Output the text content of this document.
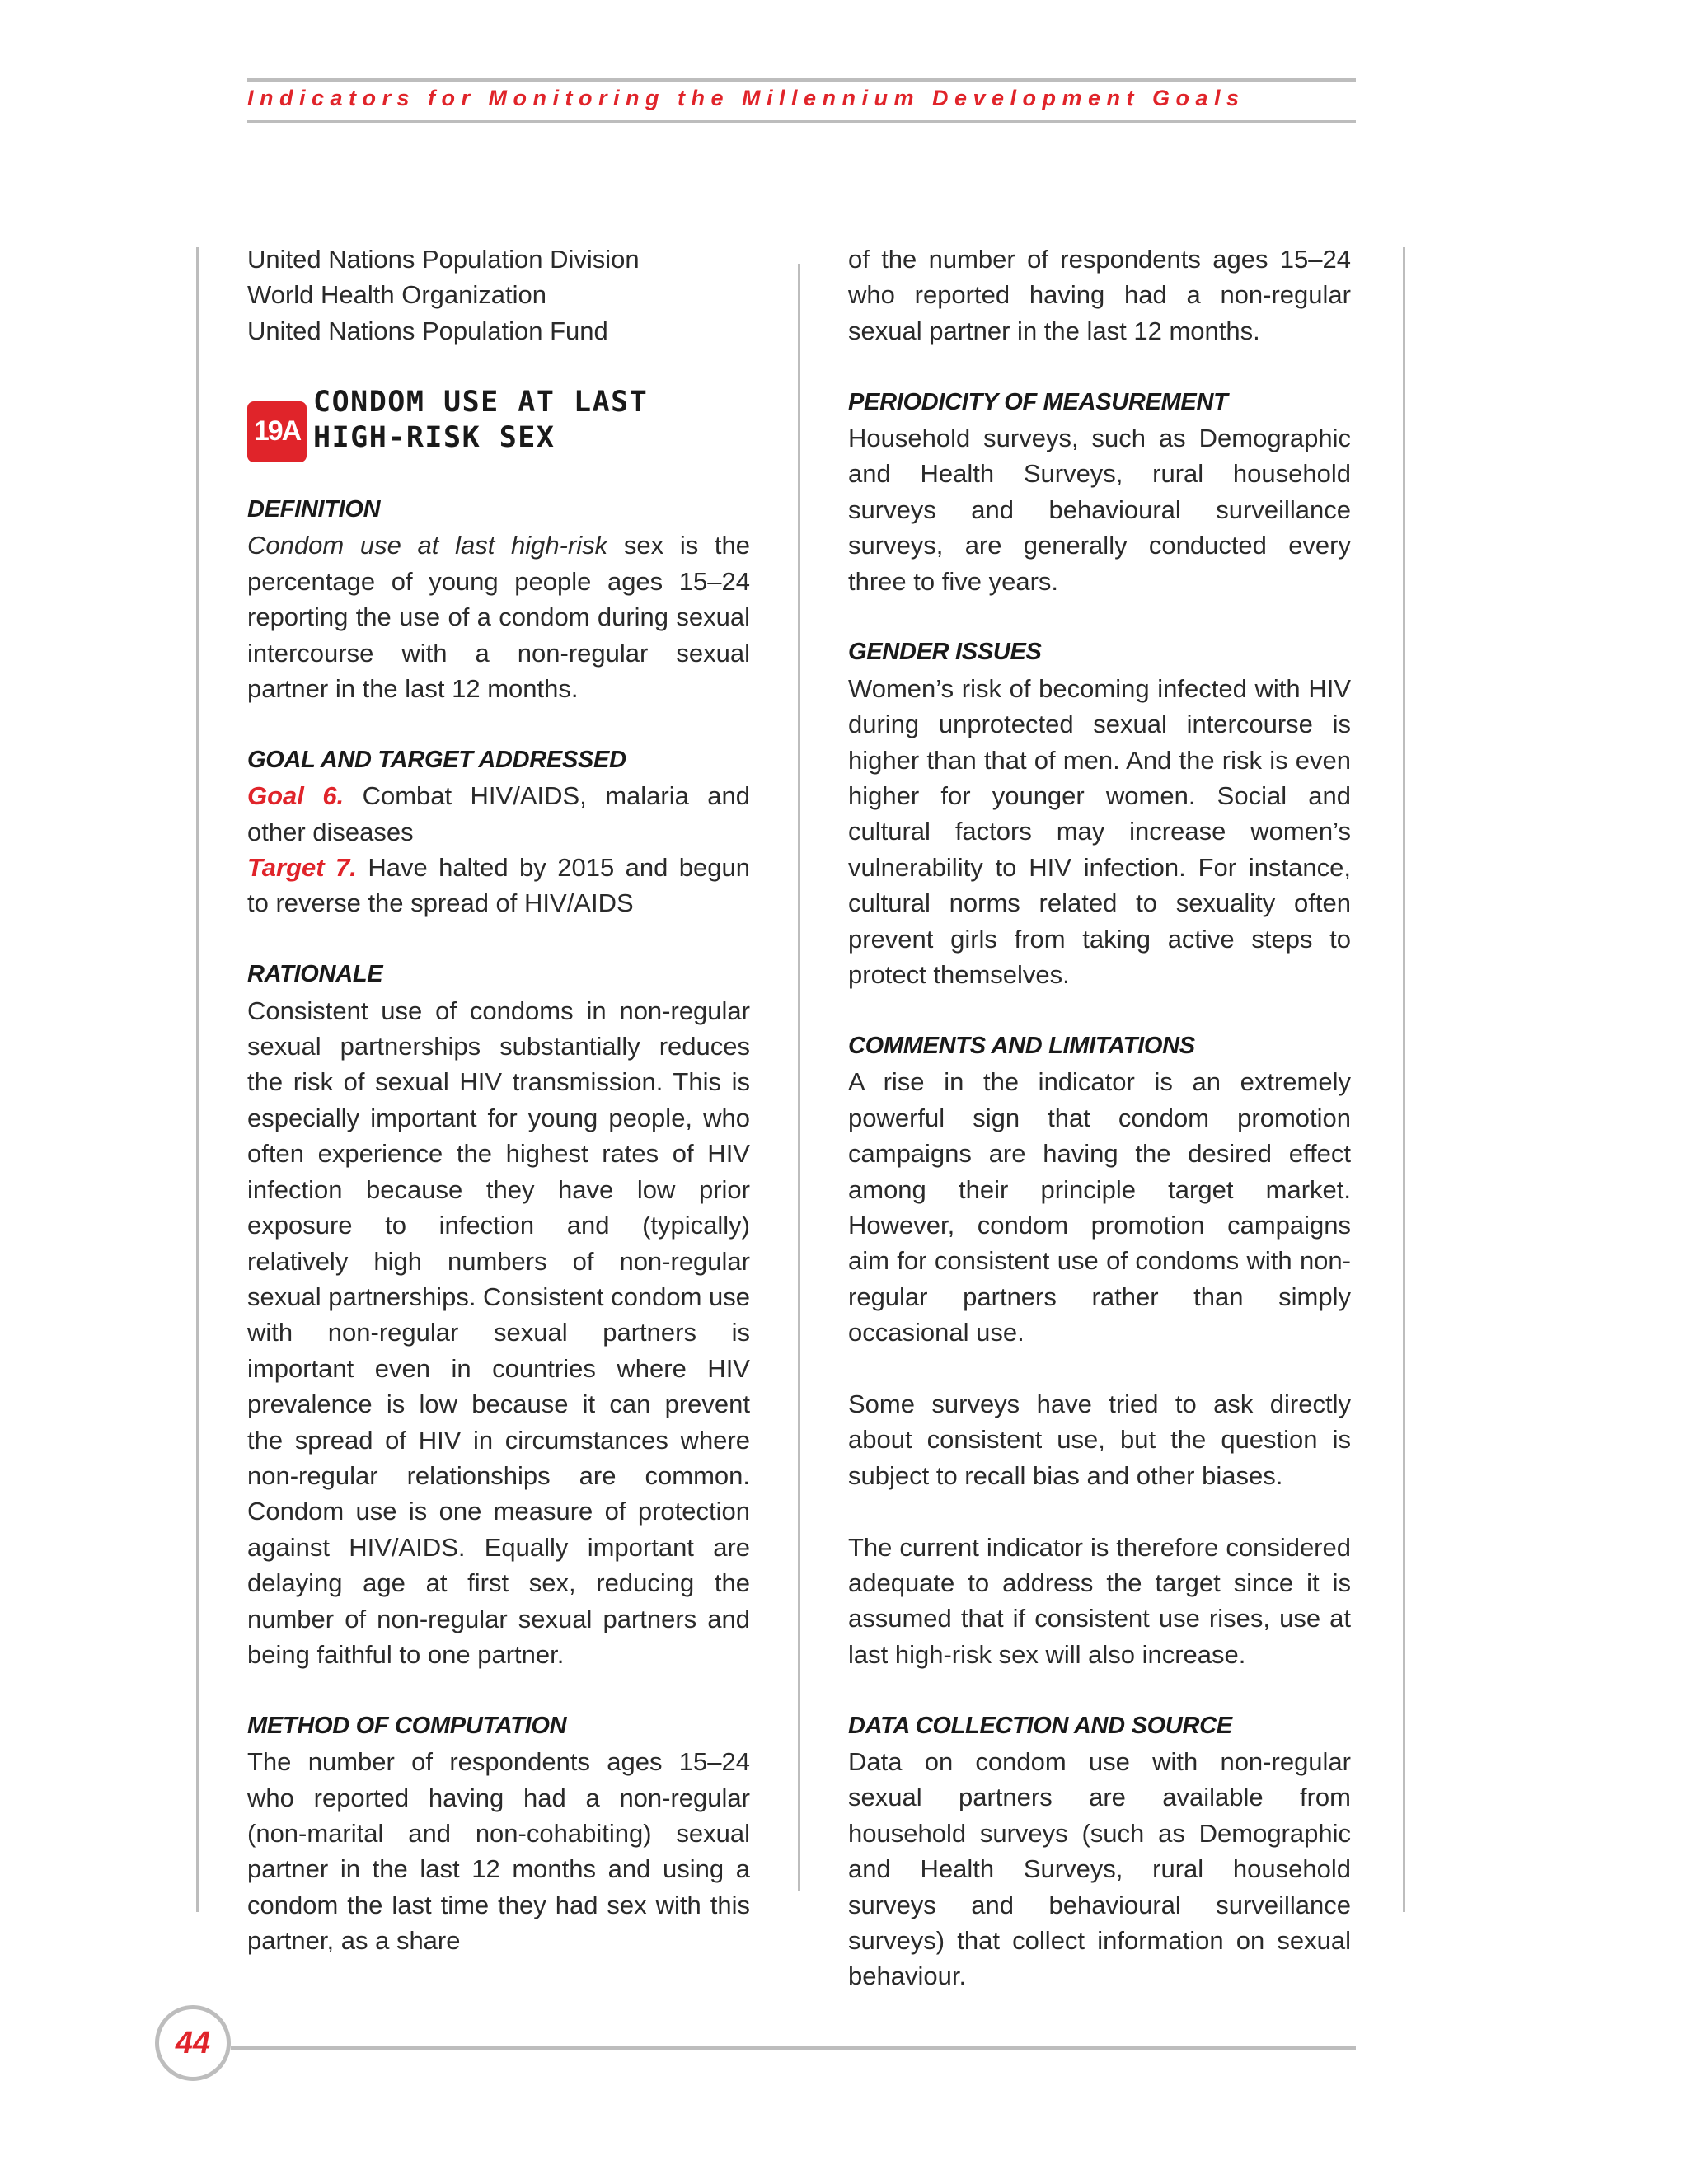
Indicators for Monitoring the Millennium Development Goals
United Nations Population Division
World Health Organization
United Nations Population Fund
19A
CONDOM USE AT LAST HIGH-RISK SEX
DEFINITION

Condom use at last high-risk sex is the percentage of young people ages 15–24 reporting the use of a condom during sexual intercourse with a non-regular sexual partner in the last 12 months.

GOAL AND TARGET ADDRESSED

Goal 6. Combat HIV/AIDS, malaria and other diseases

Target 7. Have halted by 2015 and begun to reverse the spread of HIV/AIDS

RATIONALE

Consistent use of condoms in non-regular sexual partnerships substantially reduces the risk of sexual HIV transmission. This is especially important for young people, who often experience the highest rates of HIV infection because they have low prior exposure to infection and (typically) relatively high numbers of non-regular sexual partnerships. Consistent condom use with non-regular sexual partners is important even in countries where HIV prevalence is low because it can prevent the spread of HIV in circumstances where non-regular relationships are common. Condom use is one measure of protection against HIV/AIDS. Equally important are delaying age at first sex, reducing the number of non-regular sexual partners and being faithful to one partner.

METHOD OF COMPUTATION

The number of respondents ages 15–24 who reported having had a non-regular (non-marital and non-cohabiting) sexual partner in the last 12 months and using a condom the last time they had sex with this partner, as a share

of the number of respondents ages 15–24 who reported having had a non-regular sexual partner in the last 12 months.

PERIODICITY OF MEASUREMENT

Household surveys, such as Demographic and Health Surveys, rural household surveys and behavioural surveillance surveys, are generally conducted every three to five years.

GENDER ISSUES

Women’s risk of becoming infected with HIV during unprotected sexual intercourse is higher than that of men. And the risk is even higher for younger women. Social and cultural factors may increase women’s vulnerability to HIV infection. For instance, cultural norms related to sexuality often prevent girls from taking active steps to protect themselves.

COMMENTS AND LIMITATIONS

A rise in the indicator is an extremely powerful sign that condom promotion campaigns are having the desired effect among their principle target market. However, condom promotion campaigns aim for consistent use of condoms with non-regular partners rather than simply occasional use.

Some surveys have tried to ask directly about consistent use, but the question is subject to recall bias and other biases.

The current indicator is therefore considered adequate to address the target since it is assumed that if consistent use rises, use at last high-risk sex will also increase.

DATA COLLECTION AND SOURCE

Data on condom use with non-regular sexual partners are available from household surveys (such as Demographic and Health Surveys, rural household surveys and behavioural surveillance surveys) that collect information on sexual behaviour.

44
